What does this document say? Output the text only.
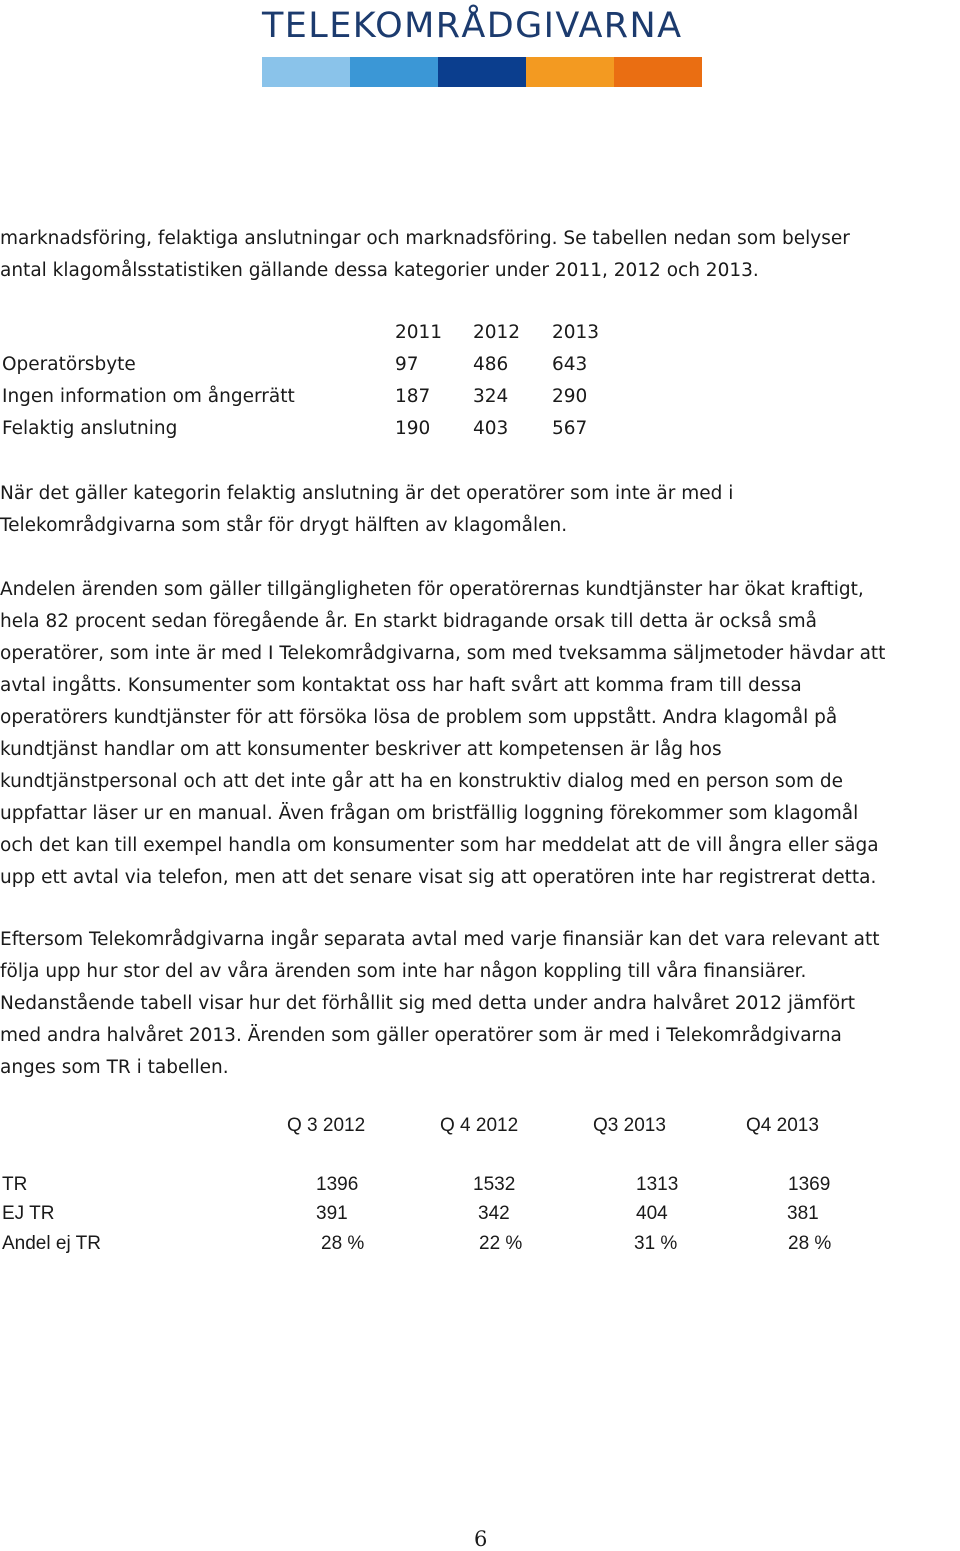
TELEKOMRÅDGIVARNA
marknadsföring, felaktiga anslutningar och marknadsföring. Se tabellen nedan som belyser
antal klagomålsstatistiken gällande dessa kategorier under 2011, 2012 och 2013.
2011 2012 2013
Operatörsbyte	97	486 643
Ingen information om ångerrätt	187 324 290
Felaktig anslutning	190 403 567
När det gäller kategorin felaktig anslutning är det operatörer som inte är med i
Telekområdgivarna som står för drygt hälften av klagomålen.
Andelen ärenden som gäller tillgängligheten för operatörernas kundtjänster har ökat kraftigt,
hela 82 procent sedan föregående år. En starkt bidragande orsak till detta är också små
operatörer, som inte är med I Telekområdgivarna, som med tveksamma säljmetoder hävdar att
avtal ingåtts. Konsumenter som kontaktat oss har haft svårt att komma fram till dessa
operatörers kundtjänster för att försöka lösa de problem som uppstått. Andra klagomål på
kundtjänst handlar om att konsumenter beskriver att kompetensen är låg hos
kundtjänstpersonal och att det inte går att ha en konstruktiv dialog med en person som de
uppfattar läser ur en manual. Även frågan om bristfällig loggning förekommer som klagomål
och det kan till exempel handla om konsumenter som har meddelat att de vill ångra eller säga
upp ett avtal via telefon, men att det senare visat sig att operatören inte har registrerat detta.
Eftersom Telekområdgivarna ingår separata avtal med varje finansiär kan det vara relevant att
följa upp hur stor del av våra ärenden som inte har någon koppling till våra finansiärer.
Nedanstående tabell visar hur det förhållit sig med detta under andra halvåret 2012 jämfört
med andra halvåret 2013. Ärenden som gäller operatörer som är med i Telekområdgivarna
anges som TR i tabellen.
Q 3 2012	Q 4 2012	Q3 2013	Q4 2013
TR	1396	1532	1313	1369
EJ TR	391	342	404	381
Andel ej TR	28 %	22 %	31 %	28 %
6
